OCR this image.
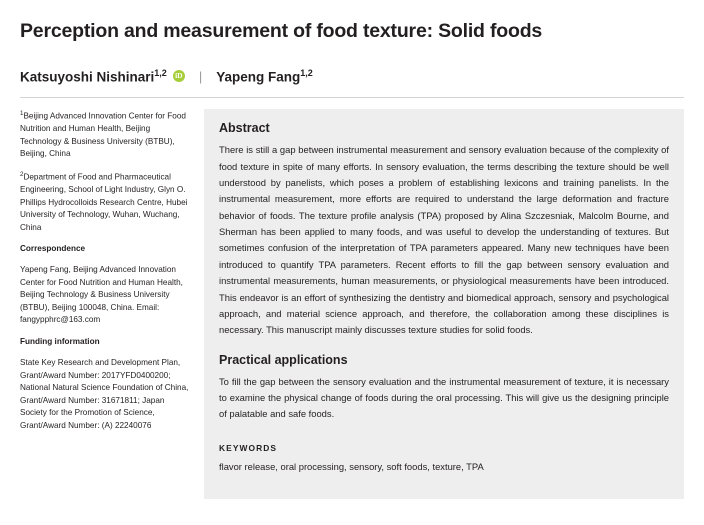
Perception and measurement of food texture: Solid foods
Katsuyoshi Nishinari$^{1,2}$	iD | Yapeng Fang$^{1,2}$

$^1$Beijing Advanced Innovation Center for Food Nutrition and Human Health, Beijing Technology & Business University (BTBU), Beijing, China

$^2$Department of Food and Pharmaceutical Engineering, School of Light Industry, Glyn O. Phillips Hydrocolloids Research Centre, Hubei University of Technology, Wuhan, Wuchang, China

Correspondence

Yapeng Fang, Beijing Advanced Innovation Center for Food Nutrition and Human Health, Beijing Technology & Business University (BTBU), Beijing 100048, China. Email: fangypphrc@163.com

Funding information

State Key Research and Development Plan, Grant/Award Number: 2017YFD0400200; National Natural Science Foundation of China, Grant/Award Number: 31671811; Japan Society for the Promotion of Science, Grant/Award Number: (A) 22240076

Abstract

There is still a gap between instrumental measurement and sensory evaluation because of the complexity of food texture in spite of many efforts. In sensory evaluation, the terms describing the texture should be well understood by panelists, which poses a problem of establishing lexicons and training panelists. In the instrumental measurement, more efforts are required to understand the large deformation and fracture behavior of foods. The texture profile analysis (TPA) proposed by Alina Szczesniak, Malcolm Bourne, and Sherman has been applied to many foods, and was useful to develop the understanding of textures. But sometimes confusion of the interpretation of TPA parameters appeared. Many new techniques have been introduced to quantify TPA parameters. Recent efforts to fill the gap between sensory evaluation and instrumental measurements, human measurements, or physiological measurements have been introduced. This endeavor is an effort of synthesizing the dentistry and biomedical approach, sensory and psychological approach, and material science approach, and therefore, the collaboration among these disciplines is necessary. This manuscript mainly discusses texture studies for solid foods.

Practical applications

To fill the gap between the sensory evaluation and the instrumental measurement of texture, it is necessary to examine the physical change of foods during the oral processing. This will give us the designing principle of palatable and safe foods.

KEYWORDS

flavor release, oral processing, sensory, soft foods, texture, TPA
